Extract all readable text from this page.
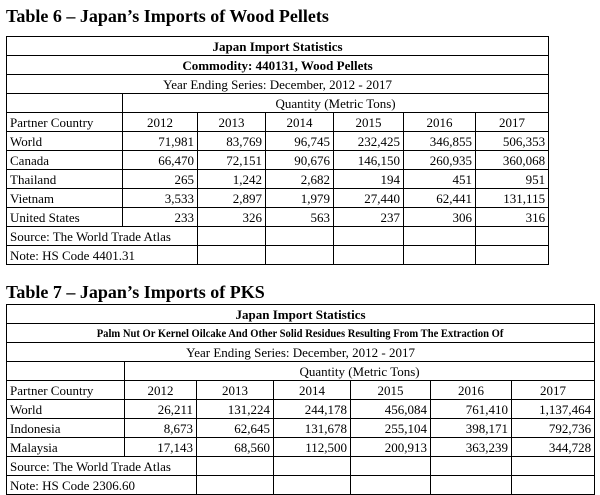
Table 6 – Japan’s Imports of Wood Pellets
Japan Import Statistics						
Commodity: 440131, Wood Pellets						
Year Ending Series: December, 2012 - 2017						
	Quantity (Metric Tons)					
Partner Country	2012	2013	2014	2015	2016	2017
World	71,981	83,769	96,745	232,425	346,855	506,353
Canada	66,470	72,151	90,676	146,150	260,935	360,068
Thailand	265	1,242	2,682	194	451	951
Vietnam	3,533	2,897	1,979	27,440	62,441	131,115
United States	233	326	563	237	306	316
Source: The World Trade Atlas						
Note: HS Code 4401.31						
Table 7 – Japan’s Imports of PKS
Japan Import Statistics						
Palm Nut Or Kernel Oilcake And Other Solid Residues Resulting From The Extraction Of						
Year Ending Series: December, 2012 - 2017						
	Quantity (Metric Tons)					
Partner Country	2012	2013	2014	2015	2016	2017
World	26,211	131,224	244,178	456,084	761,410	1,137,464
Indonesia	8,673	62,645	131,678	255,104	398,171	792,736
Malaysia	17,143	68,560	112,500	200,913	363,239	344,728
Source: The World Trade Atlas						
Note: HS Code 2306.60						
